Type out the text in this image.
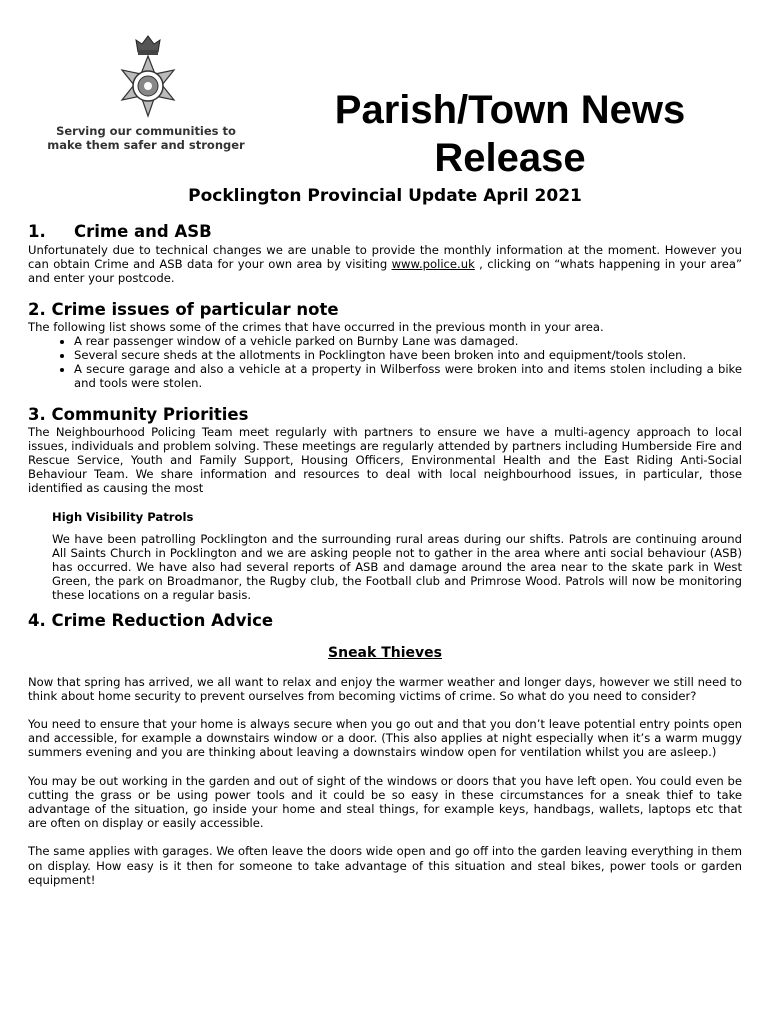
Serving our communities to
make them safer and stronger
Parish/Town News
Release
Pocklington Provincial Update April 2021
1. Crime and ASB

Unfortunately due to technical changes we are unable to provide the monthly information at the moment. However you can obtain Crime and ASB data for your own area by visiting www.police.uk , clicking on “whats happening in your area” and enter your postcode.

2. Crime issues of particular note

The following list shows some of the crimes that have occurred in the previous month in your area.

• A rear passenger window of a vehicle parked on Burnby Lane was damaged.
• Several secure sheds at the allotments in Pocklington have been broken into and equipment/tools stolen.
• A secure garage and also a vehicle at a property in Wilberfoss were broken into and items stolen including a bike and tools were stolen.
3. Community Priorities

The Neighbourhood Policing Team meet regularly with partners to ensure we have a multi-agency approach to local issues, individuals and problem solving. These meetings are regularly attended by partners including Humberside Fire and Rescue Service, Youth and Family Support, Housing Officers, Environmental Health and the East Riding Anti-Social Behaviour Team. We share information and resources to deal with local neighbourhood issues, in particular, those identified as causing the most

High Visibility Patrols

We have been patrolling Pocklington and the surrounding rural areas during our shifts. Patrols are continuing around All Saints Church in Pocklington and we are asking people not to gather in the area where anti social behaviour (ASB) has occurred. We have also had several reports of ASB and damage around the area near to the skate park in West Green, the park on Broadmanor, the Rugby club, the Football club and Primrose Wood. Patrols will now be monitoring these locations on a regular basis.

4. Crime Reduction Advice
Sneak Thieves

Now that spring has arrived, we all want to relax and enjoy the warmer weather and longer days, however we still need to think about home security to prevent ourselves from becoming victims of crime. So what do you need to consider?

You need to ensure that your home is always secure when you go out and that you don’t leave potential entry points open and accessible, for example a downstairs window or a door. (This also applies at night especially when it’s a warm muggy summers evening and you are thinking about leaving a downstairs window open for ventilation whilst you are asleep.)

You may be out working in the garden and out of sight of the windows or doors that you have left open. You could even be cutting the grass or be using power tools and it could be so easy in these circumstances for a sneak thief to take advantage of the situation, go inside your home and steal things, for example keys, handbags, wallets, laptops etc that are often on display or easily accessible.

The same applies with garages. We often leave the doors wide open and go off into the garden leaving everything in them on display. How easy is it then for someone to take advantage of this situation and steal bikes, power tools or garden equipment!
